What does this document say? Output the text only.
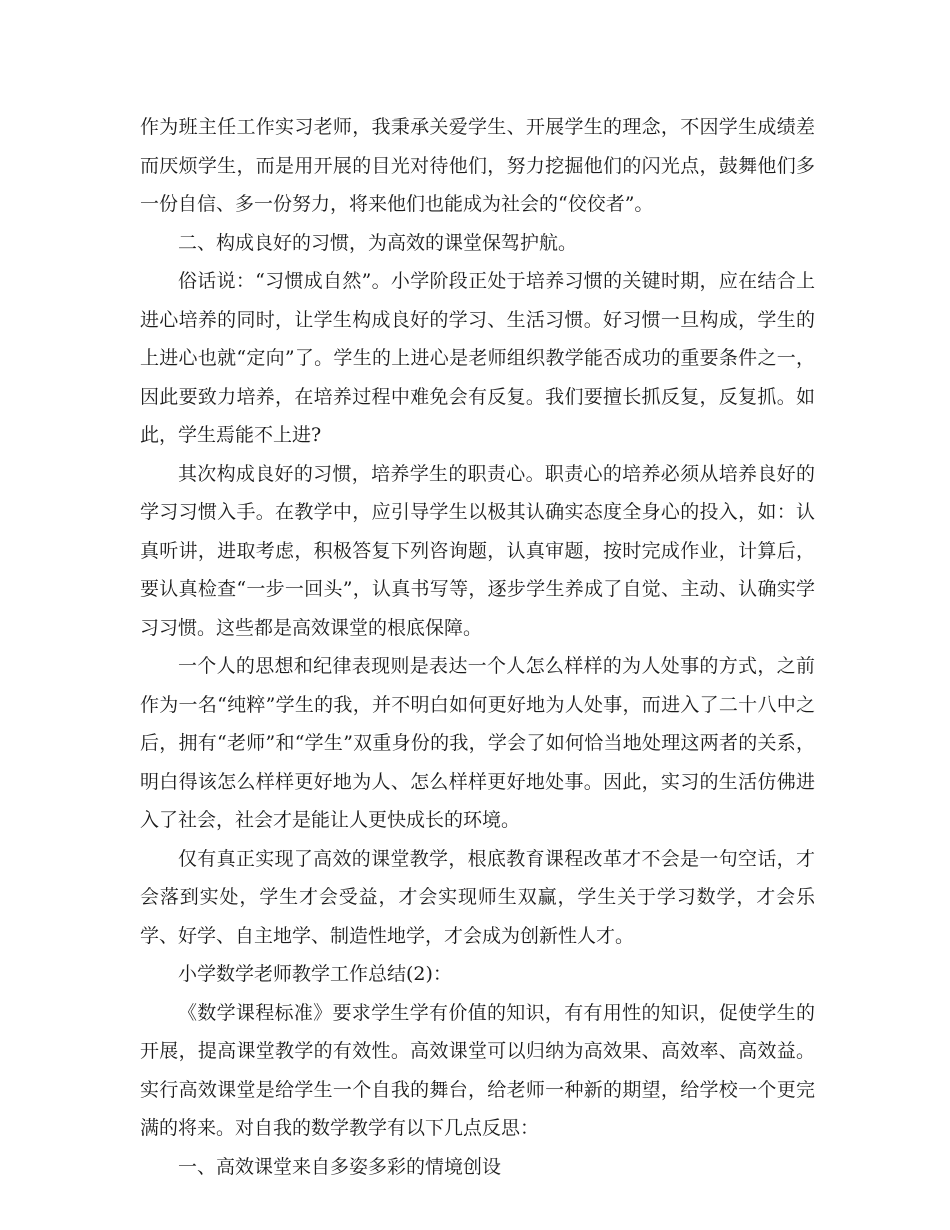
作为班主任工作实习老师，我秉承关爱学生、开展学生的理念，不因学生成绩差而厌烦学生，而是用开展的目光对待他们，努力挖掘他们的闪光点，鼓舞他们多一份自信、多一份努力，将来他们也能成为社会的“佼佼者”。

二、构成良好的习惯，为高效的课堂保驾护航。

俗话说：“习惯成自然”。小学阶段正处于培养习惯的关键时期，应在结合上进心培养的同时，让学生构成良好的学习、生活习惯。好习惯一旦构成，学生的上进心也就“定向”了。学生的上进心是老师组织教学能否成功的重要条件之一，因此要致力培养，在培养过程中难免会有反复。我们要擅长抓反复，反复抓。如此，学生焉能不上进?

其次构成良好的习惯，培养学生的职责心。职责心的培养必须从培养良好的学习习惯入手。在教学中，应引导学生以极其认确实态度全身心的投入，如：认真听讲，进取考虑，积极答复下列咨询题，认真审题，按时完成作业，计算后，要认真检查“一步一回头”，认真书写等，逐步学生养成了自觉、主动、认确实学习习惯。这些都是高效课堂的根底保障。

一个人的思想和纪律表现则是表达一个人怎么样样的为人处事的方式，之前作为一名“纯粹”学生的我，并不明白如何更好地为人处事，而进入了二十八中之后，拥有“老师”和“学生”双重身份的我，学会了如何恰当地处理这两者的关系，明白得该怎么样样更好地为人、怎么样样更好地处事。因此，实习的生活仿佛进入了社会，社会才是能让人更快成长的环境。

仅有真正实现了高效的课堂教学，根底教育课程改革才不会是一句空话，才会落到实处，学生才会受益，才会实现师生双赢，学生关于学习数学，才会乐学、好学、自主地学、制造性地学，才会成为创新性人才。

小学数学老师教学工作总结(2)：

《数学课程标准》要求学生学有价值的知识，有有用性的知识，促使学生的开展，提高课堂教学的有效性。高效课堂可以归纳为高效果、高效率、高效益。实行高效课堂是给学生一个自我的舞台，给老师一种新的期望，给学校一个更完满的将来。对自我的数学教学有以下几点反思：

一、高效课堂来自多姿多彩的情境创设
